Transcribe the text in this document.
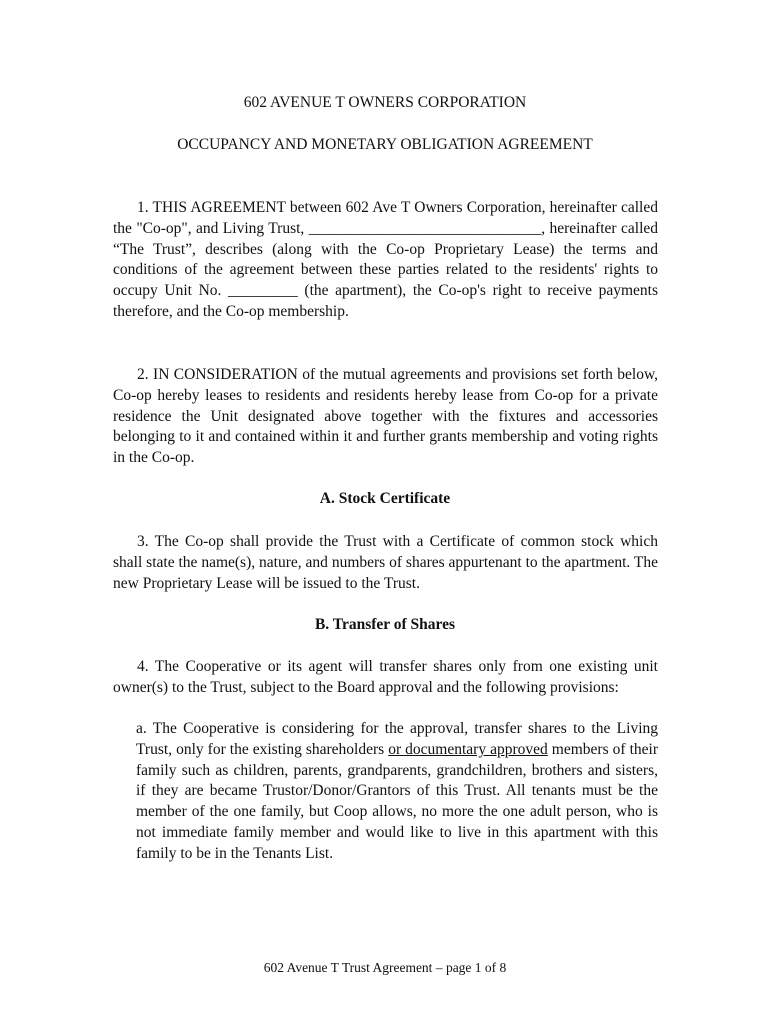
602 AVENUE T OWNERS CORPORATION
OCCUPANCY AND MONETARY OBLIGATION AGREEMENT
1. THIS AGREEMENT between 602 Ave T Owners Corporation, hereinafter called the "Co-op", and Living Trust, ______________________________, hereinafter called “The Trust”, describes (along with the Co-op Proprietary Lease) the terms and conditions of the agreement between these parties related to the residents' rights to occupy Unit No. _________ (the apartment), the Co-op's right to receive payments therefore, and the Co-op membership.
2. IN CONSIDERATION of the mutual agreements and provisions set forth below, Co-op hereby leases to residents and residents hereby lease from Co-op for a private residence the Unit designated above together with the fixtures and accessories belonging to it and contained within it and further grants membership and voting rights in the Co-op.
A. Stock Certificate
3. The Co-op shall provide the Trust with a Certificate of common stock which shall state the name(s), nature, and numbers of shares appurtenant to the apartment. The new Proprietary Lease will be issued to the Trust.
B. Transfer of Shares
4. The Cooperative or its agent will transfer shares only from one existing unit owner(s) to the Trust, subject to the Board approval and the following provisions:
a. The Cooperative is considering for the approval, transfer shares to the Living Trust, only for the existing shareholders or documentary approved members of their family such as children, parents, grandparents, grandchildren, brothers and sisters, if they are became Trustor/Donor/Grantors of this Trust. All tenants must be the member of the one family, but Coop allows, no more the one adult person, who is not immediate family member and would like to live in this apartment with this family to be in the Tenants List.
602 Avenue T Trust Agreement – page 1 of 8
